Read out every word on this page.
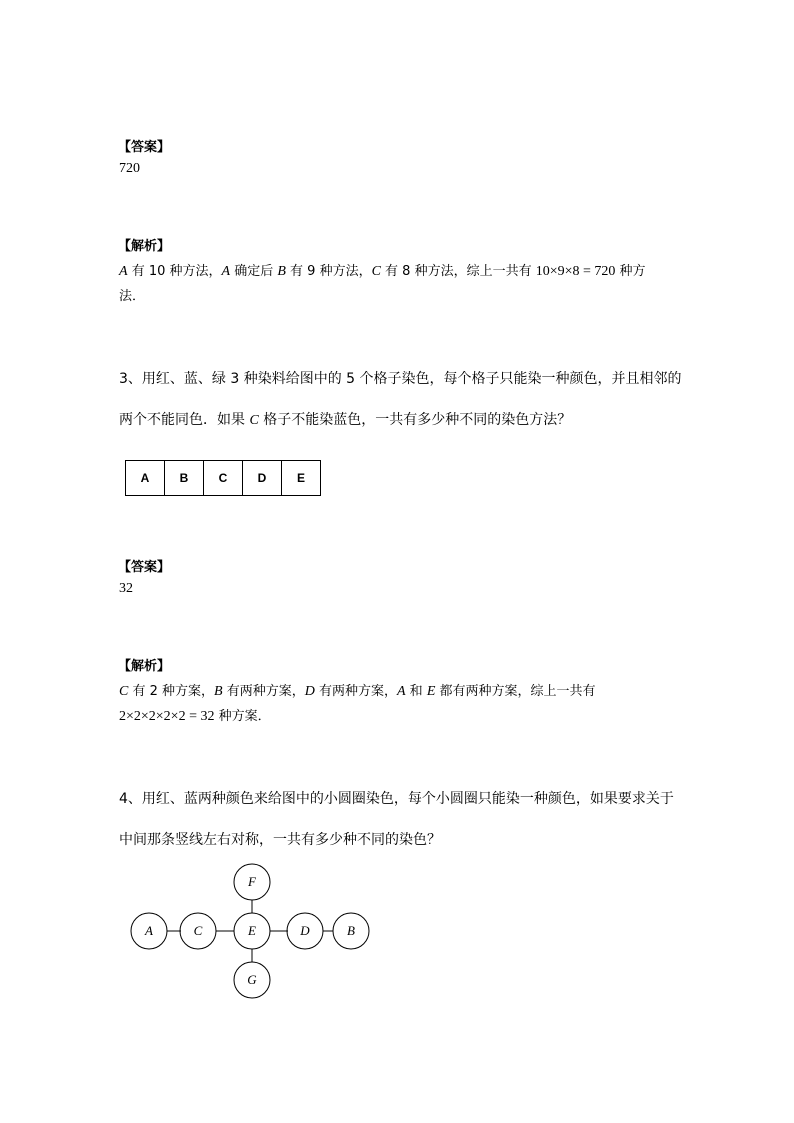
【答案】
720
【解析】
A 有 10 种方法，A 确定后 B 有 9 种方法，C 有 8 种方法，综上一共有 10×9×8 = 720 种方
法．
3、用红、蓝、绿 3 种染料给图中的 5 个格子染色，每个格子只能染一种颜色，并且相邻的
两个不能同色．如果 C 格子不能染蓝色，一共有多少种不同的染色方法？
A	B	C	D	E
【答案】
32
【解析】
C 有 2 种方案，B 有两种方案，D 有两种方案，A 和 E 都有两种方案，综上一共有
2×2×2×2×2 = 32 种方案．
4、用红、蓝两种颜色来给图中的小圆圈染色，每个小圆圈只能染一种颜色，如果要求关于
中间那条竖线左右对称，一共有多少种不同的染色？
A	C	E	D	B
F
G
